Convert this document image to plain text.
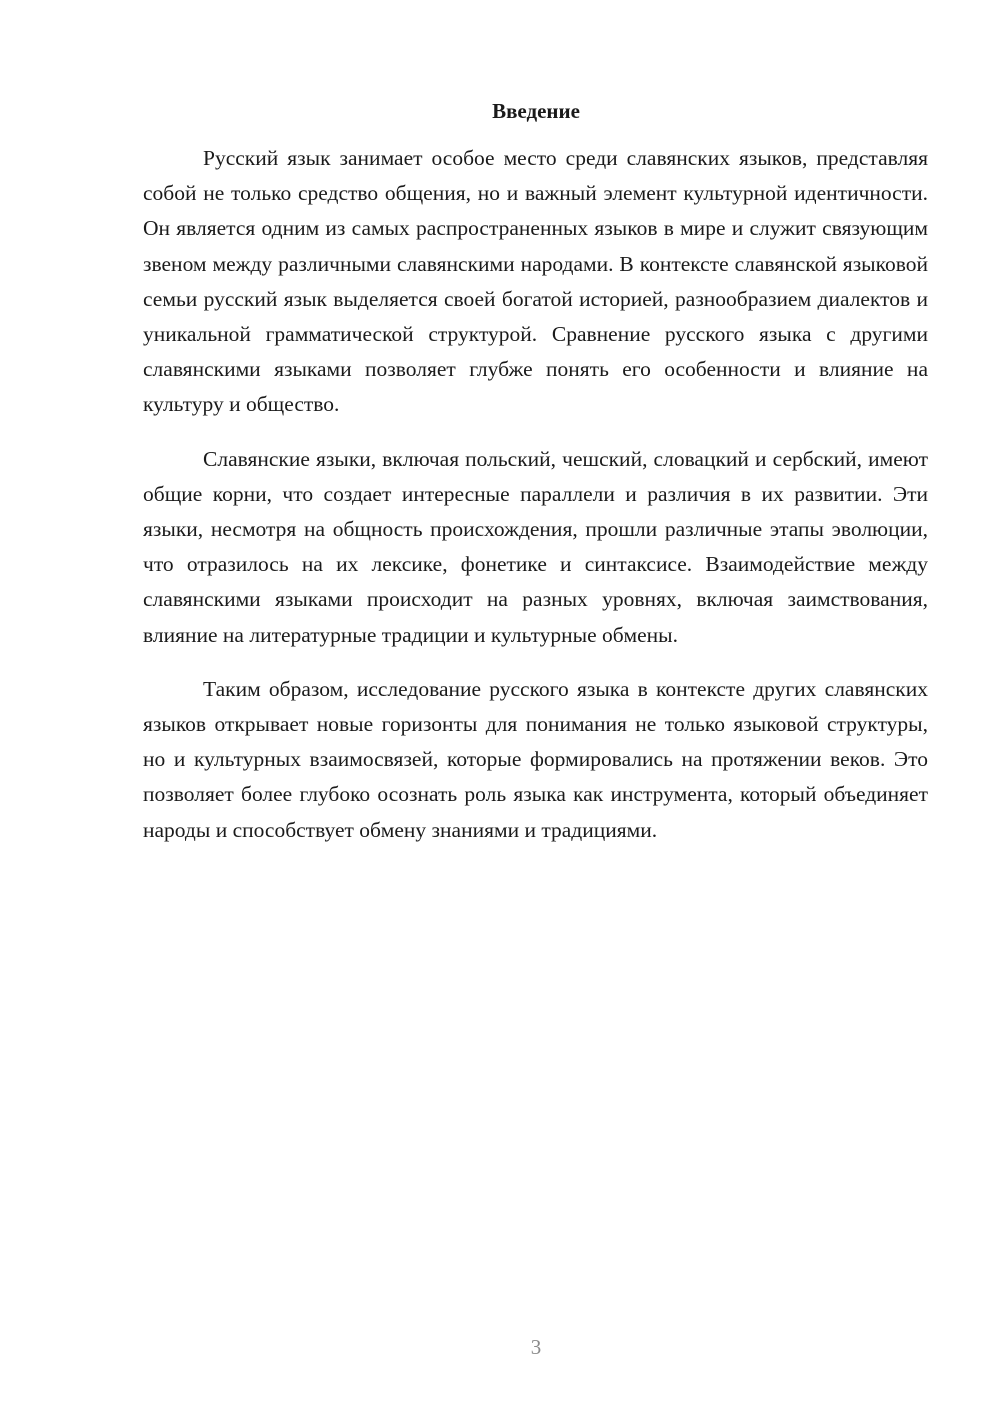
Введение

Русский язык занимает особое место среди славянских языков, представляя собой не только средство общения, но и важный элемент культурной идентичности. Он является одним из самых распространенных языков в мире и служит связующим звеном между различными славянскими народами. В контексте славянской языковой семьи русский язык выделяется своей богатой историей, разнообразием диалектов и уникальной грамматической структурой. Сравнение русского языка с другими славянскими языками позволяет глубже понять его особенности и влияние на культуру и общество.

Славянские языки, включая польский, чешский, словацкий и сербский, имеют общие корни, что создает интересные параллели и различия в их развитии. Эти языки, несмотря на общность происхождения, прошли различные этапы эволюции, что отразилось на их лексике, фонетике и синтаксисе. Взаимодействие между славянскими языками происходит на разных уровнях, включая заимствования, влияние на литературные традиции и культурные обмены.

Таким образом, исследование русского языка в контексте других славянских языков открывает новые горизонты для понимания не только языковой структуры, но и культурных взаимосвязей, которые формировались на протяжении веков. Это позволяет более глубоко осознать роль языка как инструмента, который объединяет народы и способствует обмену знаниями и традициями.

3
